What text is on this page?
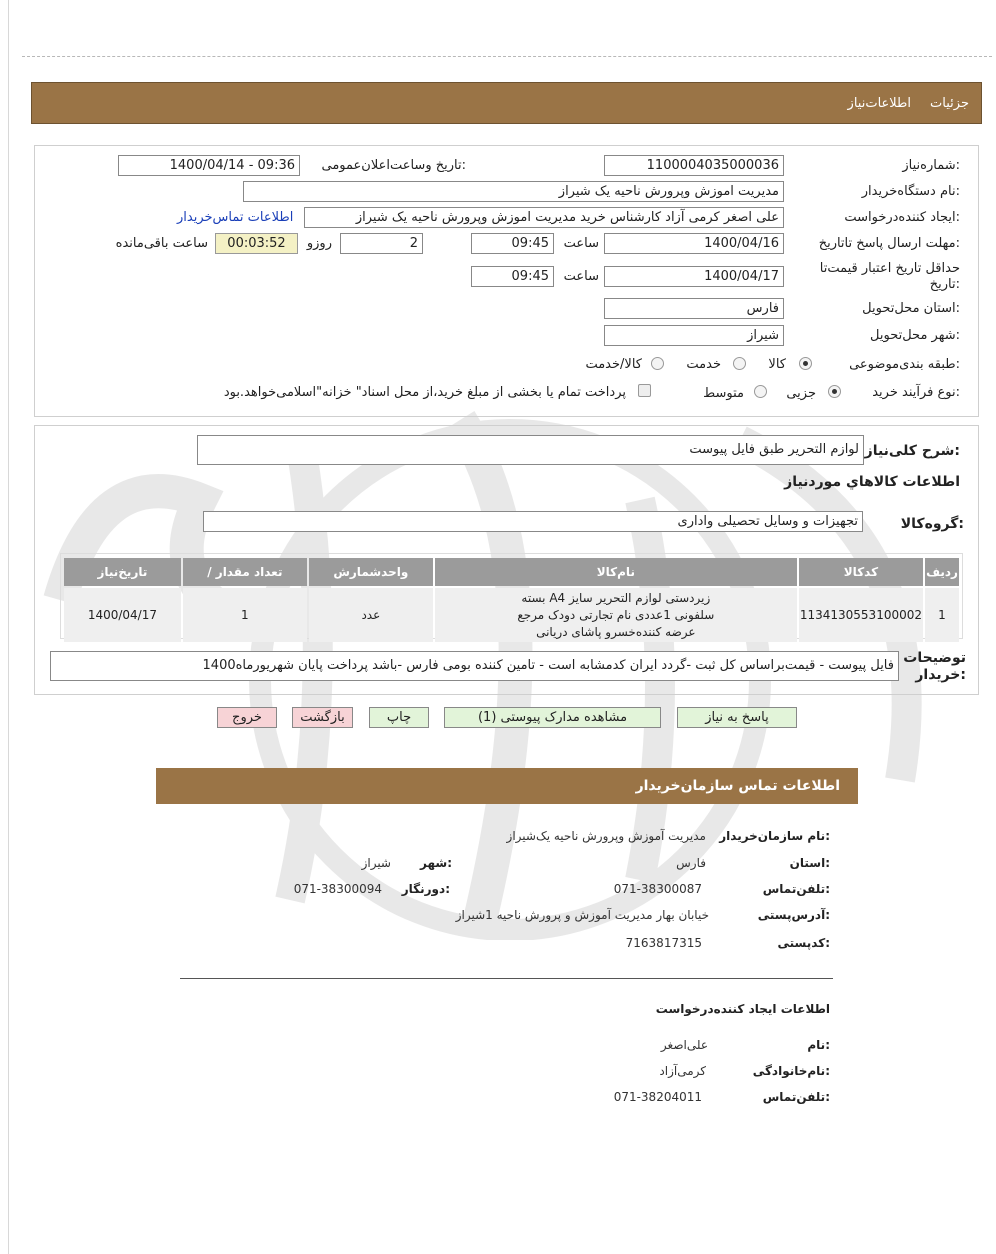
جزئیات
اطلاعات‌نیاز
شماره‌نیاز:
1100004035000036
تاریخ وساعت‌اعلان‌عمومی:
1400/04/14 - 09:36
نام دستگاه‌خریدار:
مدیریت اموزش وپرورش ناحیه یک شیراز
ایجاد کننده‌درخواست:
علی اصغر کرمی آزاد کارشناس خرید مدیریت اموزش وپرورش ناحیه یک شیراز
اطلاعات تماس‌خریدار
مهلت ارسال پاسخ تا‌تاریخ:
1400/04/16
ساعت
09:45
2
روزو
00:03:52
ساعت باقی‌مانده
حداقل تاریخ اعتبار قیمت‌تا تاریخ:
1400/04/17
ساعت
09:45
استان محل‌تحویل:
فارس
شهر محل‌تحویل:
شیراز
طبقه بندی‌موضوعی:
کالا
خدمت
کالا/خدمت
نوع فرآیند خرید:
جزیی
متوسط
پرداخت تمام یا بخشی از مبلغ خرید،از محل اسناد" خزانه"اسلامی‌خواهد.بود
شرح کلی‌نیاز:
لوازم التحریر طبق فایل پیوست
اطلاعات کالاهاي موردنیاز
گروه‌کالا:
تجهیزات و وسایل تحصیلی واداری
ردیف	کدکالا	نام‌کالا	واحدشمارش	تعداد مقدار /	تاریخ‌نیاز
1	1134130553100002	زیردستی لوازم التحریر سایز A4 بسته سلفونی 1عددی نام تجارتی دودک مرجع عرضه کننده‌خسرو پاشای دریانی	عدد	1	1400/04/17
توضیحات خریدار:
فایل پیوست - قیمت‌براساس کل ثبت -گردد ایران کدمشابه است - تامین کننده بومی فارس -باشد پرداخت پایان شهریورماه1400
پاسخ به نیاز
مشاهده مدارک پیوستی (1)
چاپ
بازگشت
خروج
اطلاعات تماس سازمان‌خریدار
نام سازمان‌خریدار:
مدیریت آموزش وپرورش ناحیه یک‌شیراز
استان:
فارس
شهر:
شیراز
تلفن‌تماس:
071-38300087
دورنگار:
071-38300094
آدرس‌پستی:
خیابان بهار مدیریت آموزش و پرورش ناحیه 1شیراز
کدپستی:
7163817315
اطلاعات ایجاد کننده‌درخواست
نام:
علی‌اصغر
نام‌خانوادگی:
کرمی‌آزاد
تلفن‌تماس:
071-38204011
